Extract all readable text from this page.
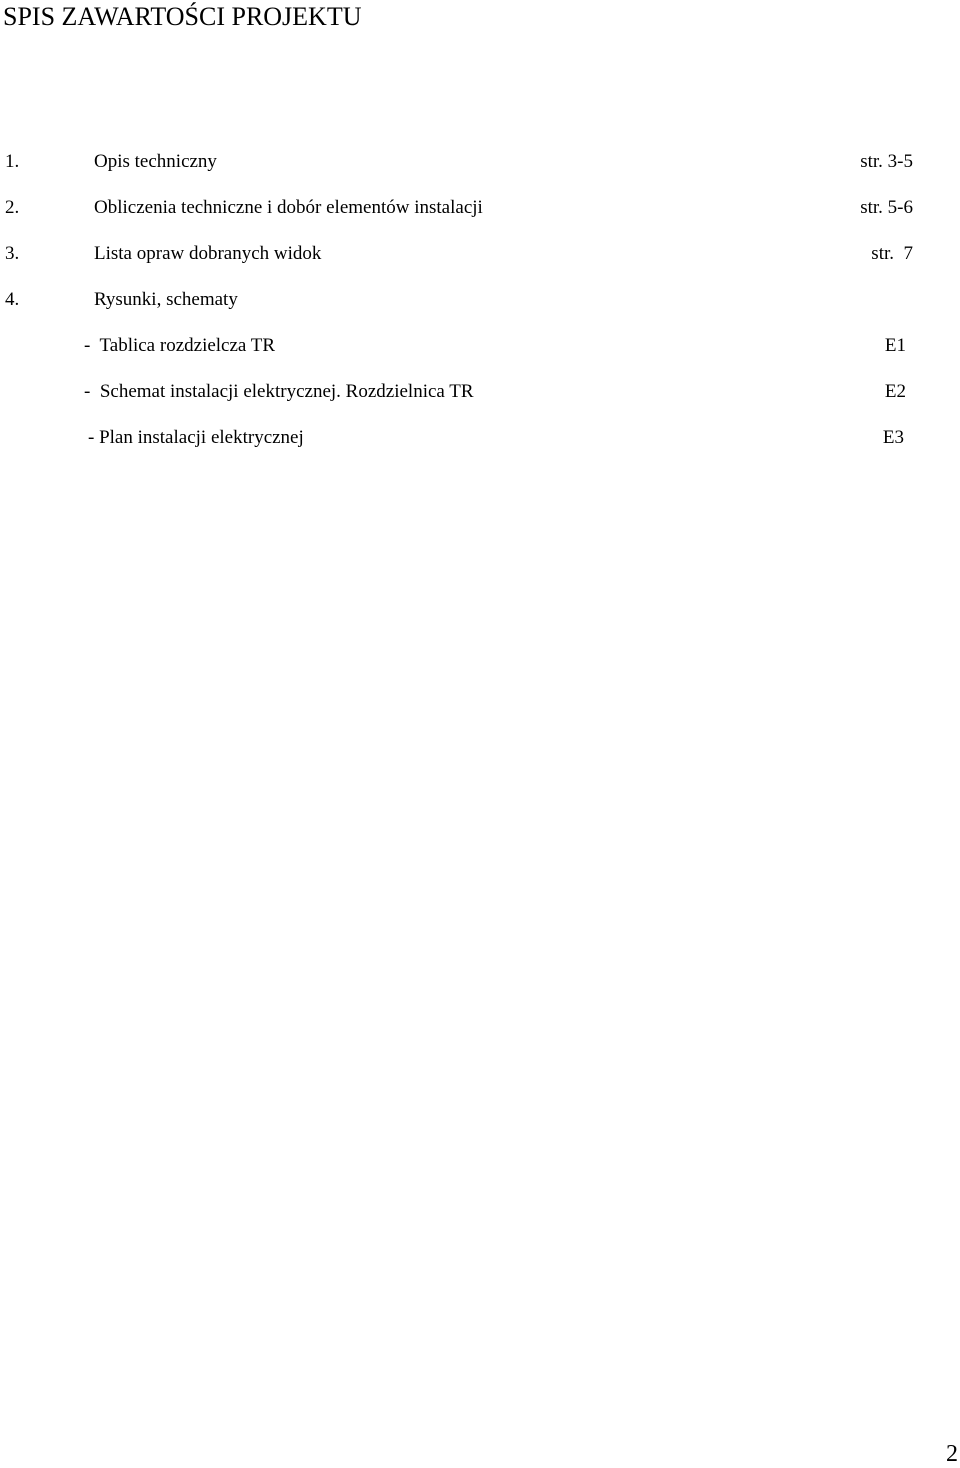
SPIS ZAWARTOŚCI PROJEKTU
1.	Opis techniczny	str. 3-5
2.	Obliczenia techniczne i dobór elementów instalacji	str. 5-6
3.	Lista opraw dobranych widok	str.  7
4.	Rysunki, schematy
-  Tablica rozdzielcza TR	E1
-  Schemat instalacji elektrycznej. Rozdzielnica TR	E2
- Plan instalacji elektrycznej	E3
2
